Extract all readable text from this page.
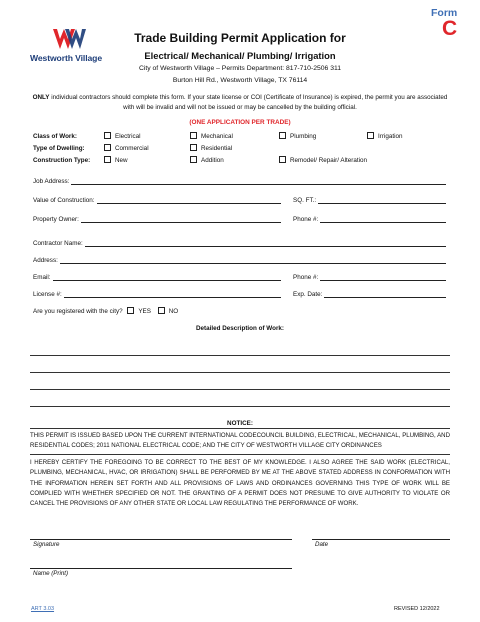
Westworth Village
Form
C
Trade Building Permit Application for
Electrical/ Mechanical/ Plumbing/ Irrigation
City of Westworth Village – Permits Department: 817-710-2506 311
Burton Hill Rd., Westworth Village, TX 76114
ONLY individual contractors should complete this form. If your state license or COI (Certificate of Insurance) is expired, the permit you are associated with will be invalid and will not be issued or may be cancelled by the building official.
(ONE APPLICATION PER TRADE)
Class of Work:	Electrical	Mechanical	Plumbing	Irrigation
Type of Dwelling:	Commercial	Residential
Construction Type:	New	Addition	Remodel/ Repair/ Alteration
Job Address:
Value of Construction:	SQ. FT.:
Property Owner:	Phone #:
Contractor Name:
Address:
Email:	Phone #:
License #:	Exp. Date:
Are you registered with the city?	YES	NO
Detailed Description of Work:
NOTICE:
THIS PERMIT IS ISSUED BASED UPON THE CURRENT INTERNATIONAL CODECOUNCIL BUILDING, ELECTRICAL, MECHANICAL, PLUMBING, AND RESIDENTIAL CODES; 2011 NATIONAL ELECTRICAL CODE; AND THE CITY OF WESTWORTH VILLAGE CITY ORDINANCES
I HEREBY CERTIFY THE FOREGOING TO BE CORRECT TO THE BEST OF MY KNOWLEDGE. I ALSO AGREE THE SAID WORK (ELECTRICAL, PLUMBING, MECHANICAL, HVAC, OR IRRIGATION) SHALL BE PERFORMED BY ME AT THE ABOVE STATED ADDRESS IN CONFORMATION WITH THE INFORMATION HEREIN SET FORTH AND ALL PROVISIONS OF LAWS AND ORDINANCES GOVERNING THIS TYPE OF WORK WILL BE COMPLIED WITH WHETHER SPECIFIED OR NOT. THE GRANTING OF A PERMIT DOES NOT PRESUME TO GIVE AUTHORITY TO VIOLATE OR CANCEL THE PROVISIONS OF ANY OTHER STATE OR LOCAL LAW REGULATING THE PERFORMANCE OF WORK.
Signature	Date
Name (Print)
ART 3.03	REVISED 12/2022
